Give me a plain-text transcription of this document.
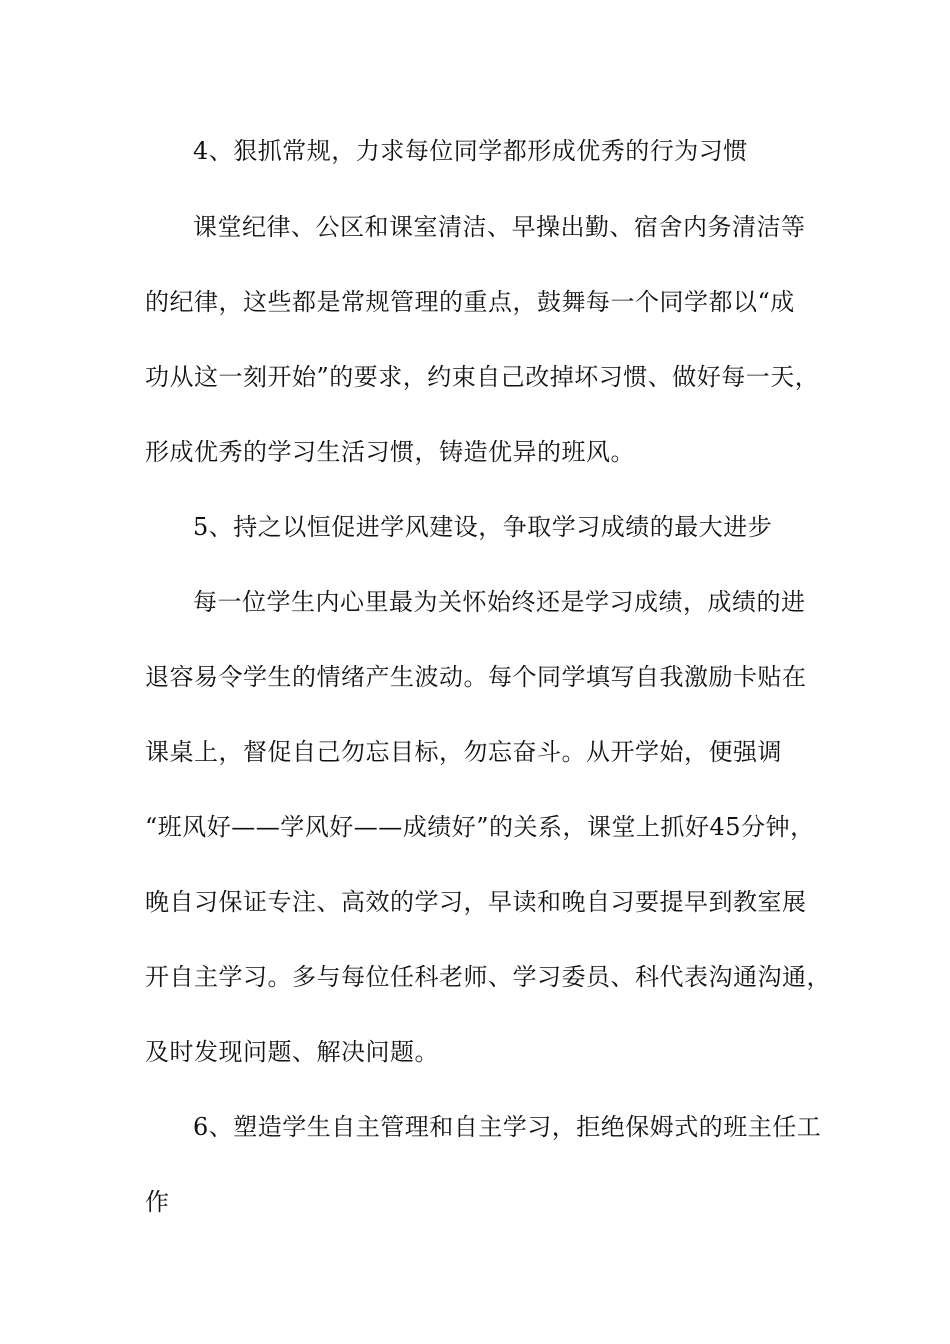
4、狠抓常规，力求每位同学都形成优秀的行为习惯
课堂纪律、公区和课室清洁、早操出勤、宿舍内务清洁等
的纪律，这些都是常规管理的重点，鼓舞每一个同学都以“成
功从这一刻开始”的要求，约束自己改掉坏习惯、做好每一天，
形成优秀的学习生活习惯，铸造优异的班风。
5、持之以恒促进学风建设，争取学习成绩的最大进步
每一位学生内心里最为关怀始终还是学习成绩，成绩的进
退容易令学生的情绪产生波动。每个同学填写自我激励卡贴在
课桌上，督促自己勿忘目标，勿忘奋斗。从开学始，便强调
“班风好——学风好——成绩好”的关系，课堂上抓好45分钟，
晚自习保证专注、高效的学习，早读和晚自习要提早到教室展
开自主学习。多与每位任科老师、学习委员、科代表沟通沟通，
及时发现问题、解决问题。
6、塑造学生自主管理和自主学习，拒绝保姆式的班主任工
作
